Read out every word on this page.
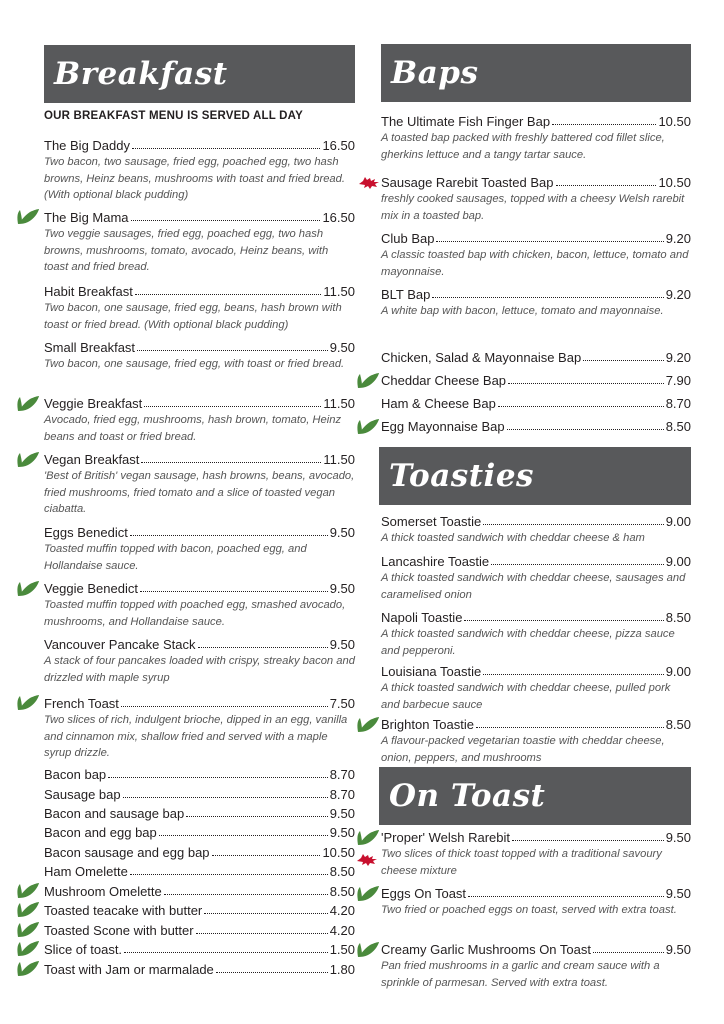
Breakfast
OUR BREAKFAST MENU IS SERVED ALL DAY
The Big Daddy	16.50
Two bacon, two sausage, fried egg, poached egg, two hash browns, Heinz beans, mushrooms with toast and fried bread. (With optional black pudding)
The Big Mama	16.50
Two veggie sausages, fried egg, poached egg, two hash browns, mushrooms, tomato, avocado, Heinz beans, with toast and fried bread.
Habit Breakfast	11.50
Two bacon, one sausage, fried egg, beans, hash brown with toast or fried bread. (With optional black pudding)
Small Breakfast	9.50
Two bacon, one sausage, fried egg, with toast or fried bread.
Veggie Breakfast	11.50
Avocado, fried egg, mushrooms, hash brown, tomato, Heinz beans and toast or fried bread.
Vegan Breakfast	11.50
'Best of British' vegan sausage, hash browns, beans, avocado, fried mushrooms, fried tomato and a slice of toasted vegan ciabatta.
Eggs Benedict	9.50
Toasted muffin topped with bacon, poached egg, and Hollandaise sauce.
Veggie Benedict	9.50
Toasted muffin topped with poached egg, smashed avocado, mushrooms, and Hollandaise sauce.
Vancouver Pancake Stack	9.50
A stack of four pancakes loaded with crispy, streaky bacon and drizzled with maple syrup
French Toast	7.50
Two slices of rich, indulgent brioche, dipped in an egg, vanilla and cinnamon mix, shallow fried and served with a maple syrup drizzle.
Bacon bap	8.70
Sausage bap	8.70
Bacon and sausage bap	9.50
Bacon and egg bap	9.50
Bacon sausage and egg bap	10.50
Ham Omelette	8.50
Mushroom Omelette	8.50
Toasted teacake with butter	4.20
Toasted Scone with butter	4.20
Slice of toast.	1.50
Toast with Jam or marmalade	1.80
Baps
The Ultimate Fish Finger Bap	10.50
A toasted bap packed with freshly battered cod fillet slice, gherkins lettuce and a tangy tartar sauce.
Sausage Rarebit Toasted Bap	10.50
freshly cooked sausages, topped with a cheesy Welsh rarebit mix in a toasted bap.
Club Bap	9.20
A classic toasted bap with chicken, bacon, lettuce, tomato and mayonnaise.
BLT Bap	9.20
A white bap with bacon, lettuce, tomato and mayonnaise.
Chicken, Salad & Mayonnaise Bap	9.20
Cheddar Cheese Bap	7.90
Ham & Cheese Bap	8.70
Egg Mayonnaise Bap	8.50
Toasties
Somerset Toastie	9.00
A thick toasted sandwich with cheddar cheese & ham
Lancashire Toastie	9.00
A thick toasted sandwich with cheddar cheese, sausages and caramelised onion
Napoli Toastie	8.50
A thick toasted sandwich with cheddar cheese, pizza sauce and pepperoni.
Louisiana Toastie	9.00
A thick toasted sandwich with cheddar cheese, pulled pork and barbecue sauce
Brighton Toastie	8.50
A flavour-packed vegetarian toastie with cheddar cheese, onion, peppers, and mushrooms
On Toast
'Proper' Welsh Rarebit	9.50
Two slices of thick toast topped with a traditional savoury cheese mixture
Eggs On Toast	9.50
Two fried or poached eggs on toast, served with extra toast.
Creamy Garlic Mushrooms On Toast	9.50
Pan fried mushrooms in a garlic and cream sauce with a sprinkle of parmesan. Served with extra toast.
